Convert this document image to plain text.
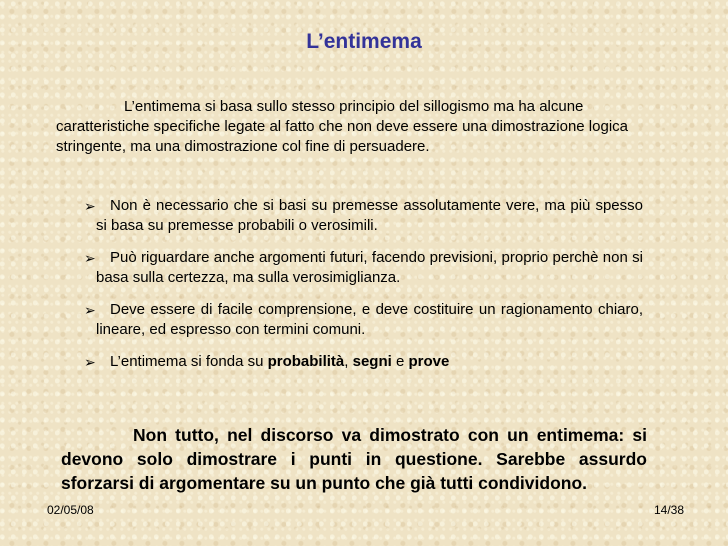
L’entimema
L’entimema si basa sullo stesso principio del sillogismo ma ha alcune caratteristiche specifiche legate al fatto che non deve essere una dimostrazione logica stringente, ma una dimostrazione col fine di persuadere.
➢ Non è necessario che si basi su premesse assolutamente vere, ma più spesso si basa su premesse probabili o verosimili.
➢ Può riguardare anche argomenti futuri, facendo previsioni, proprio perchè non si basa sulla certezza, ma sulla verosimiglianza.
➢ Deve essere di facile comprensione, e deve costituire un ragionamento chiaro, lineare, ed espresso con termini comuni.
➢ L’entimema si fonda su probabilità, segni e prove
Non tutto, nel discorso va dimostrato con un entimema: si devono solo dimostrare i punti in questione. Sarebbe assurdo sforzarsi di argomentare su un punto che già tutti condividono.
02/05/08	14/38
